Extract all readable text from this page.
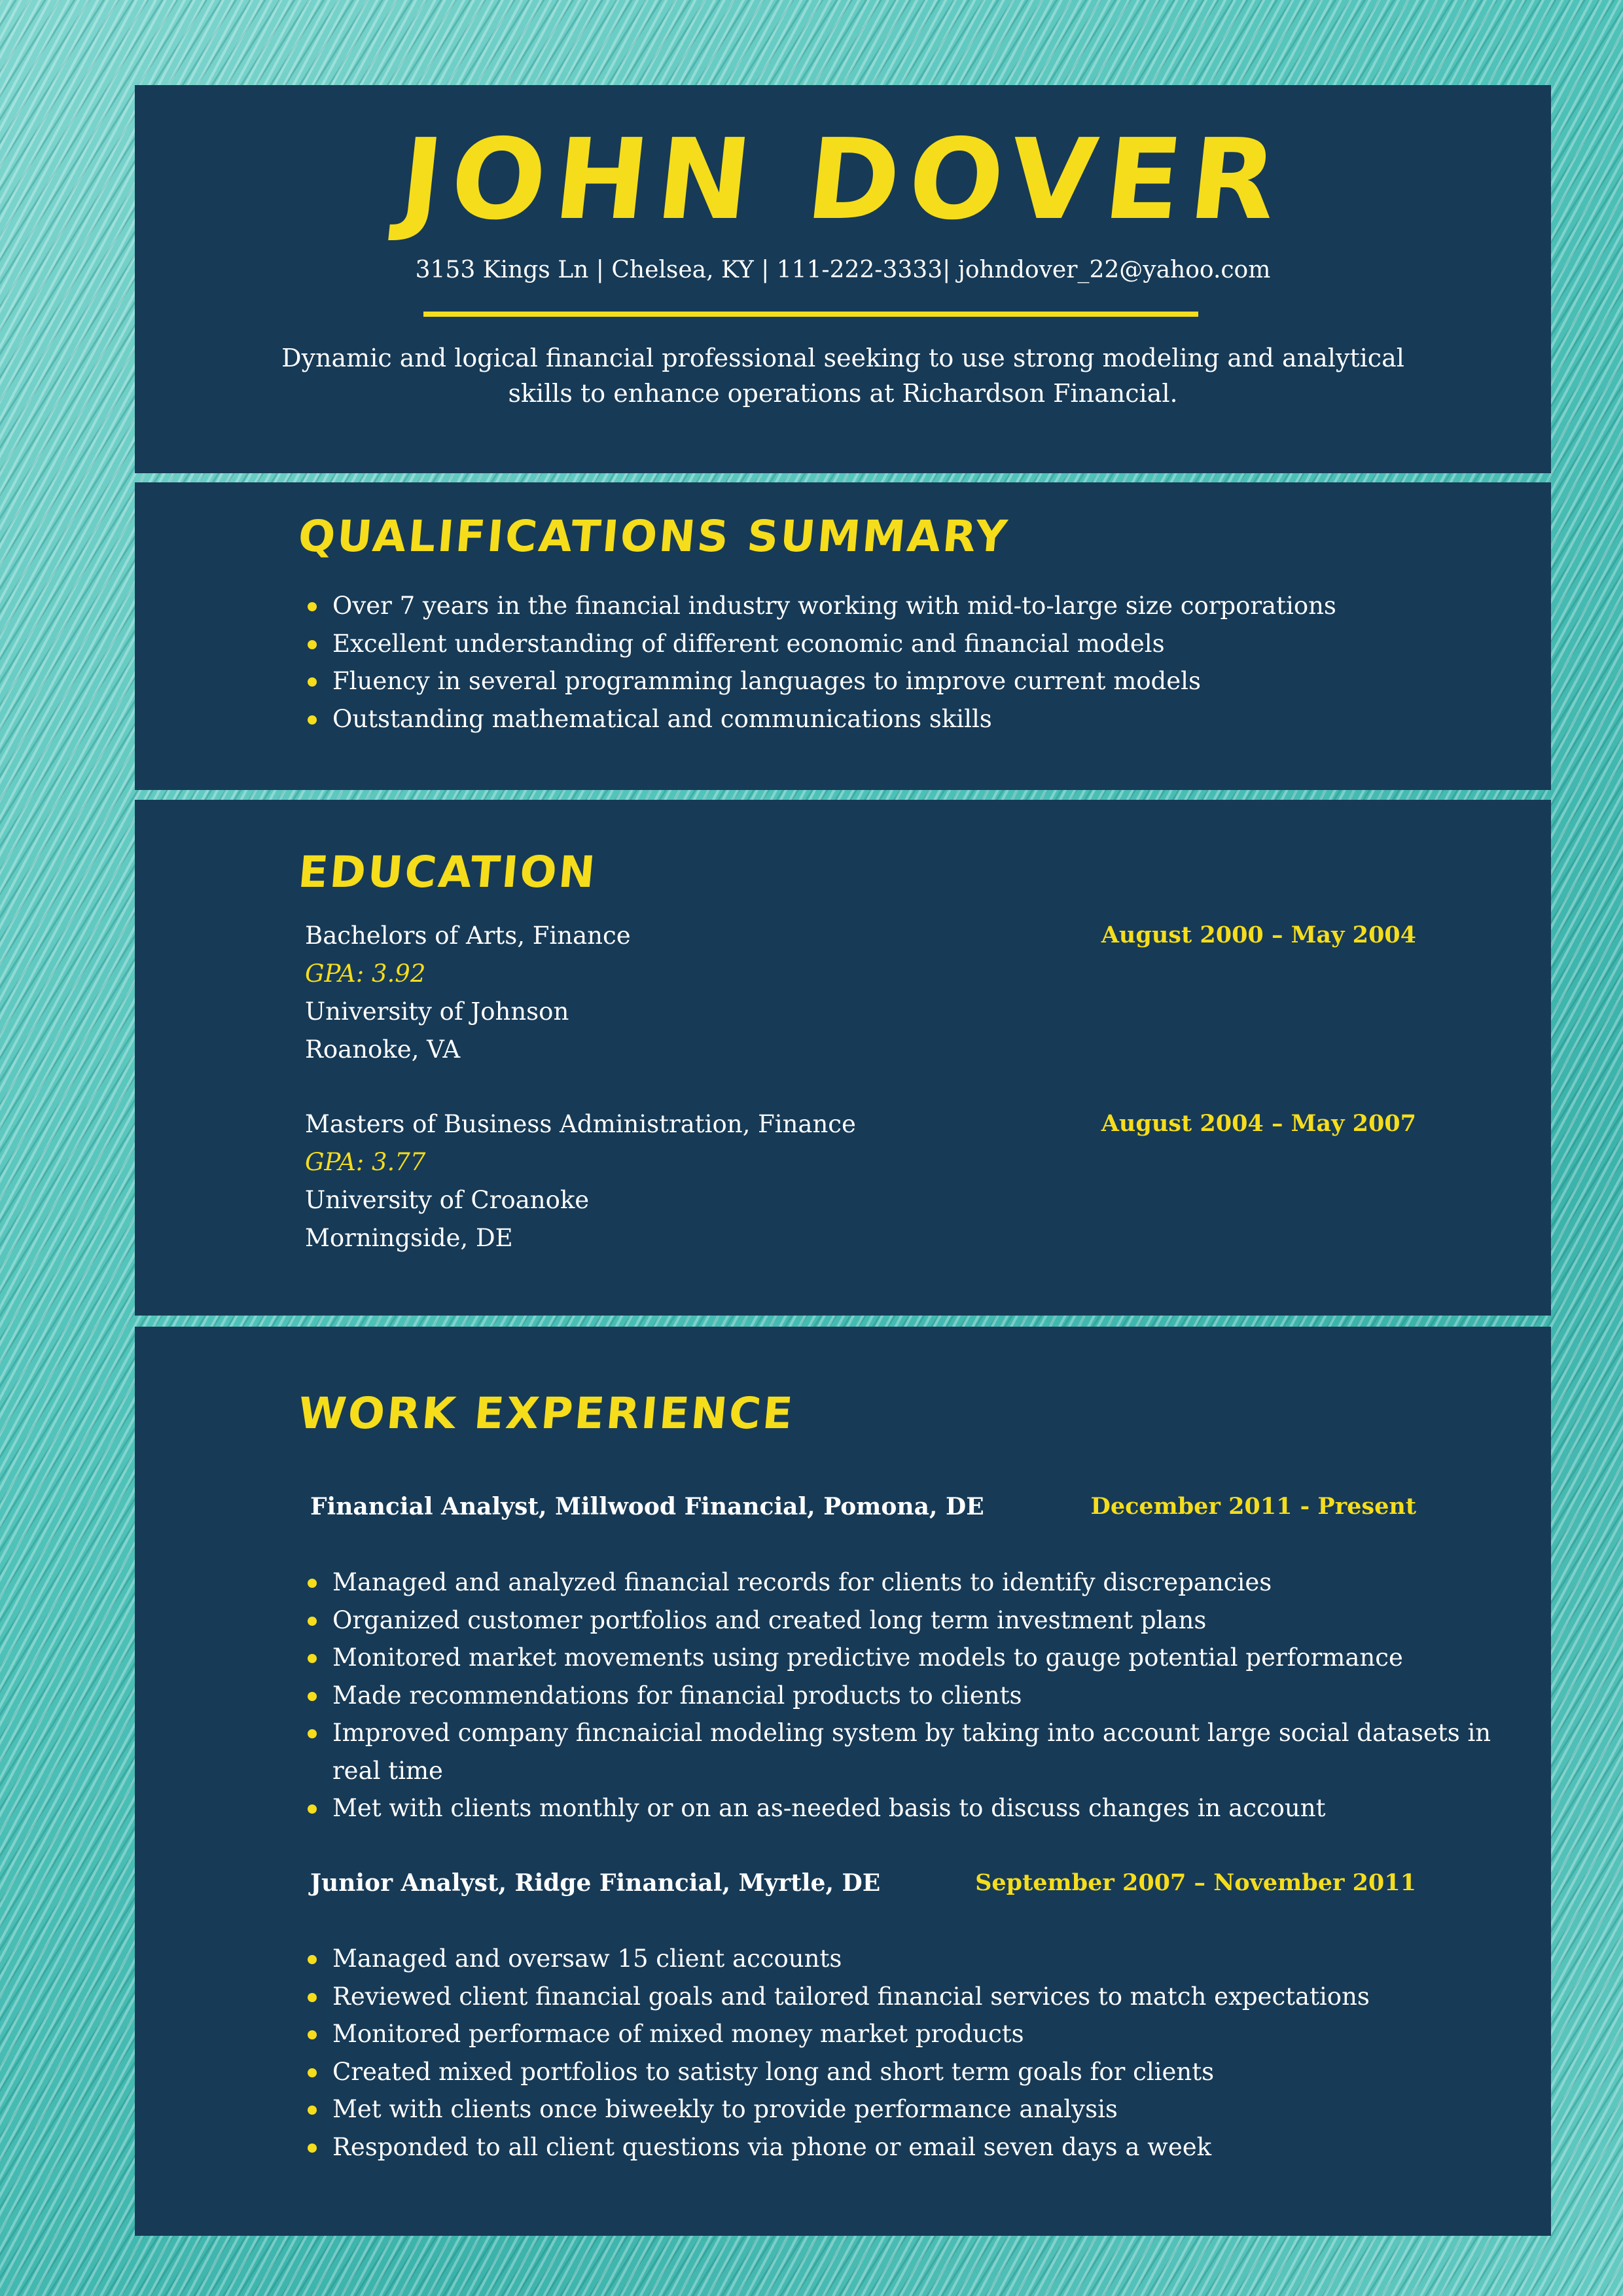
JOHN DOVER
3153 Kings Ln | Chelsea, KY | 111-222-3333| johndover_22@yahoo.com
Dynamic and logical financial professional seeking to use strong modeling and analytical skills to enhance operations at Richardson Financial.
QUALIFICATIONS SUMMARY
Over 7 years in the financial industry working with mid-to-large size corporations
Excellent understanding of different economic and financial models
Fluency in several programming languages to improve current models
Outstanding mathematical and communications skills
EDUCATION
Bachelors of Arts, Finance	August 2000 – May 2004
GPA: 3.92
University of Johnson
Roanoke, VA
Masters of Business Administration, Finance	August 2004 – May 2007
GPA: 3.77
University of Croanoke
Morningside, DE
WORK EXPERIENCE
Financial Analyst, Millwood Financial, Pomona, DE	December 2011 - Present
Managed and analyzed financial records for clients to identify discrepancies
Organized customer portfolios and created long term investment plans
Monitored market movements using predictive models to gauge potential performance
Made recommendations for financial products to clients
Improved company fincnaicial modeling system by taking into account large social datasets in real time
Met with clients monthly or on an as-needed basis to discuss changes in account
Junior Analyst, Ridge Financial, Myrtle, DE	September 2007 – November 2011
Managed and oversaw 15 client accounts
Reviewed client financial goals and tailored financial services to match expectations
Monitored performace of mixed money market products
Created mixed portfolios to satisty long and short term goals for clients
Met with clients once biweekly to provide performance analysis
Responded to all client questions via phone or email seven days a week
